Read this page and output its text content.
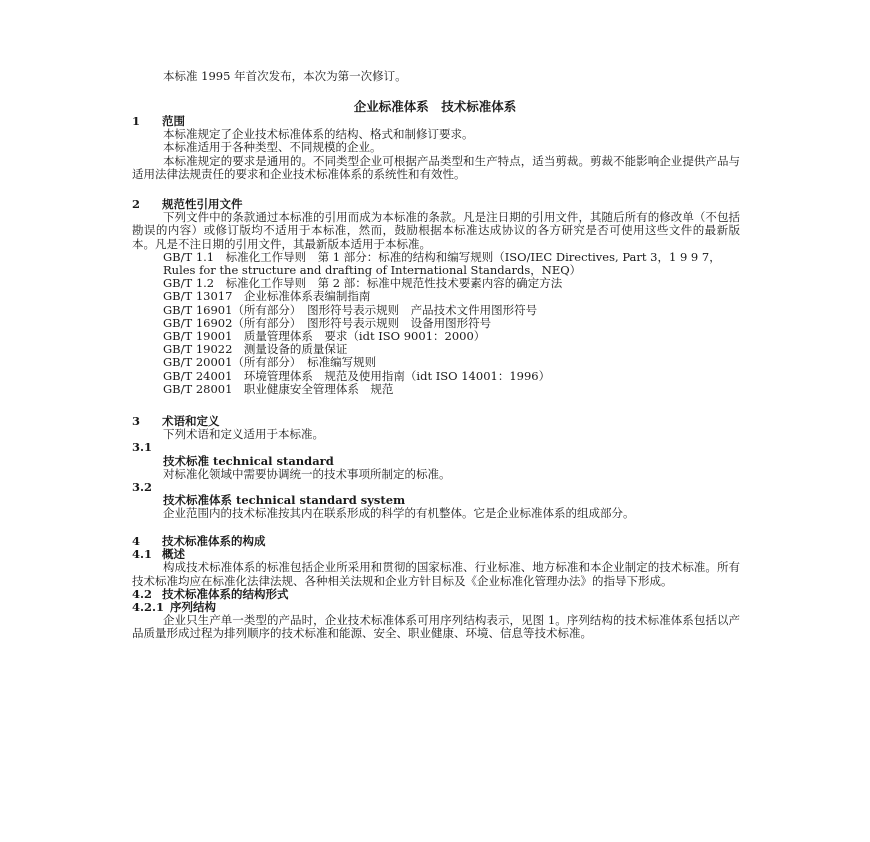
本标准 1995 年首次发布，本次为第一次修订。

企业标准体系　技术标准体系

1 范围

本标准规定了企业技术标准体系的结构、格式和制修订要求。

本标准适用于各种类型、不同规模的企业。

本标准规定的要求是通用的。不同类型企业可根据产品类型和生产特点，适当剪裁。剪裁不能影响企业提供产品与适用法律法规责任的要求和企业技术标准体系的系统性和有效性。

2 规范性引用文件

下列文件中的条款通过本标准的引用而成为本标准的条款。凡是注日期的引用文件，其随后所有的修改单（不包括勘误的内容）或修订版均不适用于本标准，然而，鼓励根据本标准达成协议的各方研究是否可使用这些文件的最新版本。凡是不注日期的引用文件，其最新版本适用于本标准。

GB/T 1.1　标准化工作导则　第 1 部分：标准的结构和编写规则（ISO/IEC Directives, Part 3，1 9 9 7，Rules for the structure and drafting of International Standards，NEQ）

GB/T 1.2　标准化工作导则　第 2 部：标准中规范性技术要素内容的确定方法

GB/T 13017　企业标准体系表编制指南

GB/T 16901（所有部分）　图形符号表示规则　产品技术文件用图形符号

GB/T 16902（所有部分）　图形符号表示规则　设备用图形符号

GB/T 19001　质量管理体系　要求（idt ISO 9001：2000）

GB/T 19022　测量设备的质量保证

GB/T 20001（所有部分）　标准编写规则

GB/T 24001　环境管理体系　规范及使用指南（idt ISO 14001：1996）

GB/T 28001　职业健康安全管理体系　规范

3 术语和定义

下列术语和定义适用于本标准。

3.1

技术标准 technical standard

对标准化领域中需要协调统一的技术事项所制定的标准。

3.2

技术标准体系 technical standard system

企业范围内的技术标准按其内在联系形成的科学的有机整体。它是企业标准体系的组成部分。

4 技术标准体系的构成

4.1 概述

构成技术标准体系的标准包括企业所采用和贯彻的国家标准、行业标准、地方标准和本企业制定的技术标准。所有技术标准均应在标准化法律法规、各种相关法规和企业方针目标及《企业标准化管理办法》的指导下形成。

4.2 技术标准体系的结构形式

4.2.1 序列结构

企业只生产单一类型的产品时，企业技术标准体系可用序列结构表示，见图 1。序列结构的技术标准体系包括以产品质量形成过程为排列顺序的技术标准和能源、安全、职业健康、环境、信息等技术标准。
